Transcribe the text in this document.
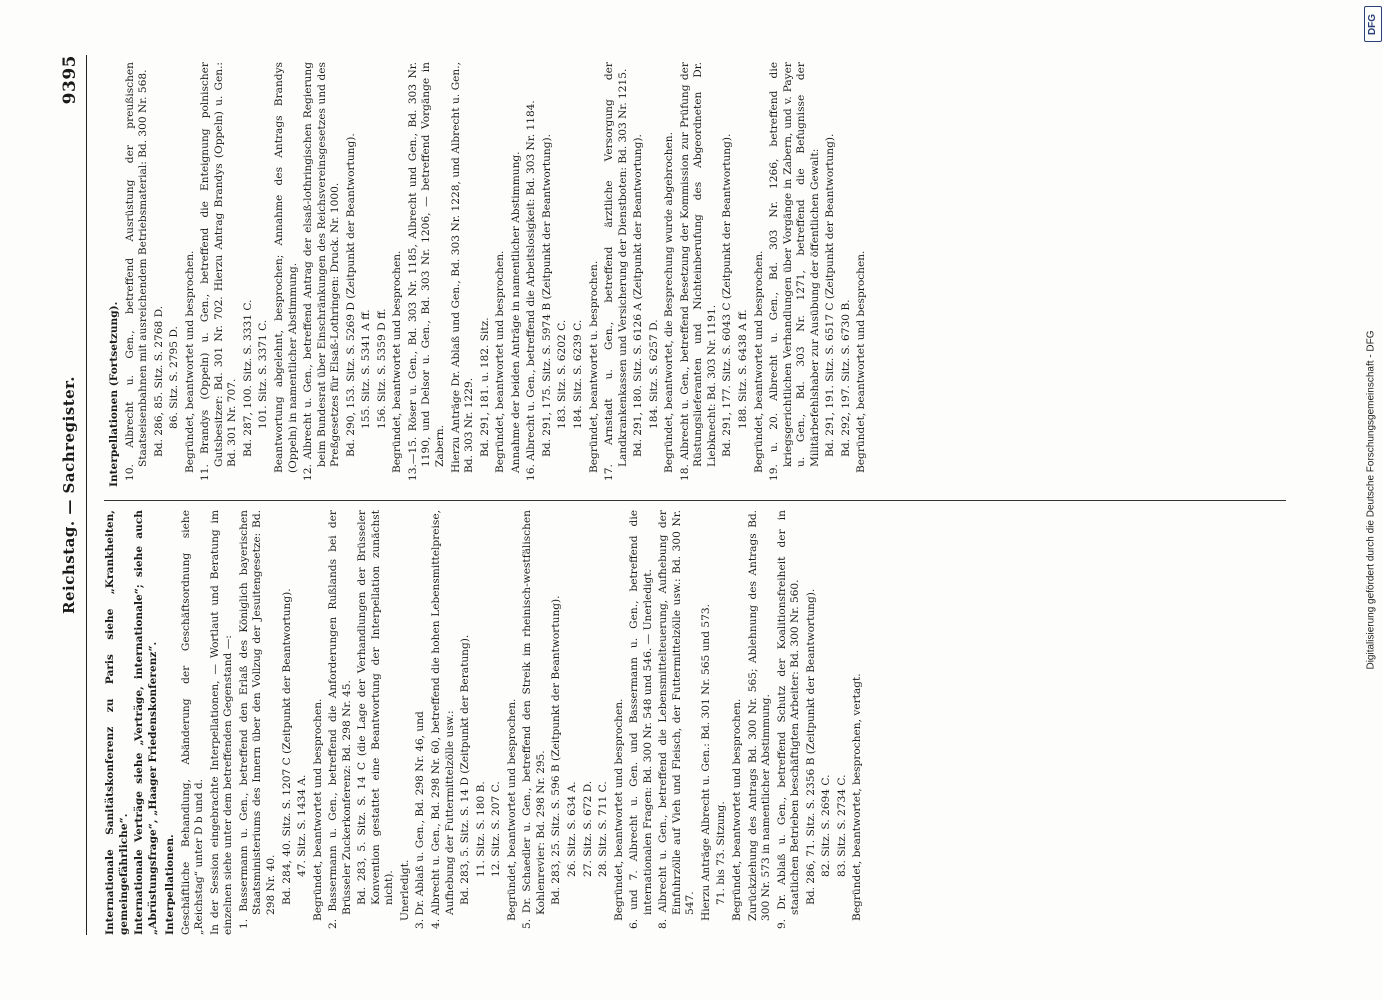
Reichstag. — Sachregister.
9395

Internationale Sanitätskonferenz zu Paris siehe „Krankheiten, gemeingefährliche“. Internationale Verträge siehe „Verträge, internationale“; siehe auch „Abrüstungsfrage“, „Haager Friedenskonferenz“. Interpellationen. Geschäftliche Behandlung, Abänderung der Geschäftsordnung siehe „Reichstag“ unter D b und d. In der Session eingebrachte Interpellationen, — Wortlaut und Beratung im einzelnen siehe unter dem betreffenden Gegenstand —: 1. Bassermann u. Gen., betreffend den Erlaß des Königlich bayerischen Staatsministeriums des Innern über den Vollzug der Jesuitengesetze: Bd. 298 Nr. 40. Bd. 284, 40. Sitz. S. 1207 C (Zeitpunkt der Beantwortung). 47. Sitz. S. 1434 A. Begründet, beantwortet und besprochen. 2. Bassermann u. Gen., betreffend die Anforderungen Rußlands bei der Brüsseler Zuckerkonferenz: Bd. 298 Nr. 45. Bd. 283, 5. Sitz. S. 14 C (die Lage der Verhandlungen der Brüsseler Konvention gestattet eine Beantwortung der Interpellation zunächst nicht). Unerledigt. 3. Dr. Ablaß u. Gen., Bd. 298 Nr. 46, und 4. Albrecht u. Gen., Bd. 298 Nr. 60, betreffend die hohen Lebensmittelpreise, Aufhebung der Futtermittelzölle usw.: Bd. 283, 5. Sitz. S. 14 D (Zeitpunkt der Beratung). 11. Sitz. S. 180 B. 12. Sitz. S. 207 C. Begründet, beantwortet und besprochen. 5. Dr. Schaedler u. Gen., betreffend den Streik im rheinisch-westfälischen Kohlenrevier: Bd. 298 Nr. 295. Bd. 283, 25. Sitz. S. 596 B (Zeitpunkt der Beantwortung). 26. Sitz. S. 634 A. 27. Sitz. S. 672 D. 28. Sitz. S. 711 C. Begründet, beantwortet und besprochen. 6. und 7. Albrecht u. Gen. und Bassermann u. Gen., betreffend die internationalen Fragen: Bd. 300 Nr. 548 und 546. — Unerledigt. 8. Albrecht u. Gen., betreffend die Lebensmittelteuerung, Aufhebung der Einfuhrzölle auf Vieh und Fleisch, der Futtermittelzölle usw.: Bd. 300 Nr. 547. Hierzu Anträge Albrecht u. Gen.: Bd. 301 Nr. 565 und 573. 71. bis 73. Sitzung. Begründet, beantwortet und besprochen. Zurückziehung des Antrags Bd. 300 Nr. 565; Ablehnung des Antrags Bd. 300 Nr. 573 in namentlicher Abstimmung. 9. Dr. Ablaß u. Gen., betreffend Schutz der Koalitionsfreiheit der in staatlichen Betrieben beschäftigten Arbeiter: Bd. 300 Nr. 560. Bd. 286, 71. Sitz. S. 2356 B (Zeitpunkt der Beantwortung). 82. Sitz. S. 2694 C. 83. Sitz. S. 2734 C. Begründet, beantwortet, besprochen, vertagt.

Interpellationen (Fortsetzung). 10. Albrecht u. Gen., betreffend Ausrüstung der preußischen Staatseisenbahnen mit ausreichendem Betriebsmaterial: Bd. 300 Nr. 568. Bd. 286, 85. Sitz. S. 2768 D. 86. Sitz. S. 2795 D. Begründet, beantwortet und besprochen. 11. Brandys (Oppeln) u. Gen., betreffend die Enteignung polnischer Gutsbesitzer: Bd. 301 Nr. 702. Hierzu Antrag Brandys (Oppeln) u. Gen.: Bd. 301 Nr. 707. Bd. 287, 100. Sitz. S. 3331 C. 101. Sitz. S. 3371 C. Beantwortung abgelehnt, besprochen; Annahme des Antrags Brandys (Oppeln) in namentlicher Abstimmung. 12. Albrecht u. Gen., betreffend Antrag der elsaß-lothringischen Regierung beim Bundesrat über Einschränkungen des Reichsvereinsgesetzes und des Preßgesetzes für Elsaß-Lothringen: Druck. Nr. 1000. Bd. 290, 153. Sitz. S. 5269 D (Zeitpunkt der Beantwortung). 155. Sitz. S. 5341 A ff. 156. Sitz. S. 5359 D ff. Begründet, beantwortet und besprochen. 13.—15. Röser u. Gen., Bd. 303 Nr. 1185, Albrecht und Gen., Bd. 303 Nr. 1190, und Delsor u. Gen., Bd. 303 Nr. 1206, — betreffend Vorgänge in Zabern. Hierzu Anträge Dr. Ablaß und Gen., Bd. 303 Nr. 1228, und Albrecht u. Gen., Bd. 303 Nr. 1229. Bd. 291, 181. u. 182. Sitz. Begründet, beantwortet und besprochen. Annahme der beiden Anträge in namentlicher Abstimmung. 16. Albrecht u. Gen., betreffend die Arbeitslosigkeit: Bd. 303 Nr. 1184. Bd. 291, 175. Sitz. S. 5974 B (Zeitpunkt der Beantwortung). 183. Sitz. S. 6202 C. 184. Sitz. S. 6239 C. Begründet, beantwortet u. besprochen. 17. Arnstadt u. Gen., betreffend ärztliche Versorgung der Landkrankenkassen und Versicherung der Dienstboten: Bd. 303 Nr. 1215. Bd. 291, 180. Sitz. S. 6126 A (Zeitpunkt der Beantwortung). 184. Sitz. S. 6257 D. Begründet, beantwortet, die Besprechung wurde abgebrochen. 18. Albrecht u. Gen., betreffend Besetzung der Kommission zur Prüfung der Rüstungslieferanten und Nichteinberufung des Abgeordneten Dr. Liebknecht: Bd. 303 Nr. 1191. Bd. 291, 177. Sitz. S. 6043 C (Zeitpunkt der Beantwortung). 188. Sitz. S. 6438 A ff. Begründet, beantwortet und besprochen. 19. u. 20. Albrecht u. Gen., Bd. 303 Nr. 1266, betreffend die kriegsgerichtlichen Verhandlungen über Vorgänge in Zabern, und v. Payer u. Gen., Bd. 303 Nr. 1271, betreffend die Befugnisse der Militärbefehlshaber zur Ausübung der öffentlichen Gewalt: Bd. 291, 191. Sitz. S. 6517 C (Zeitpunkt der Beantwortung). Bd. 292, 197. Sitz. S. 6730 B. Begründet, beantwortet und besprochen.	Digitalisierung gefördert durch die Deutsche Forschungsgemeinschaft - DFG
DFG
